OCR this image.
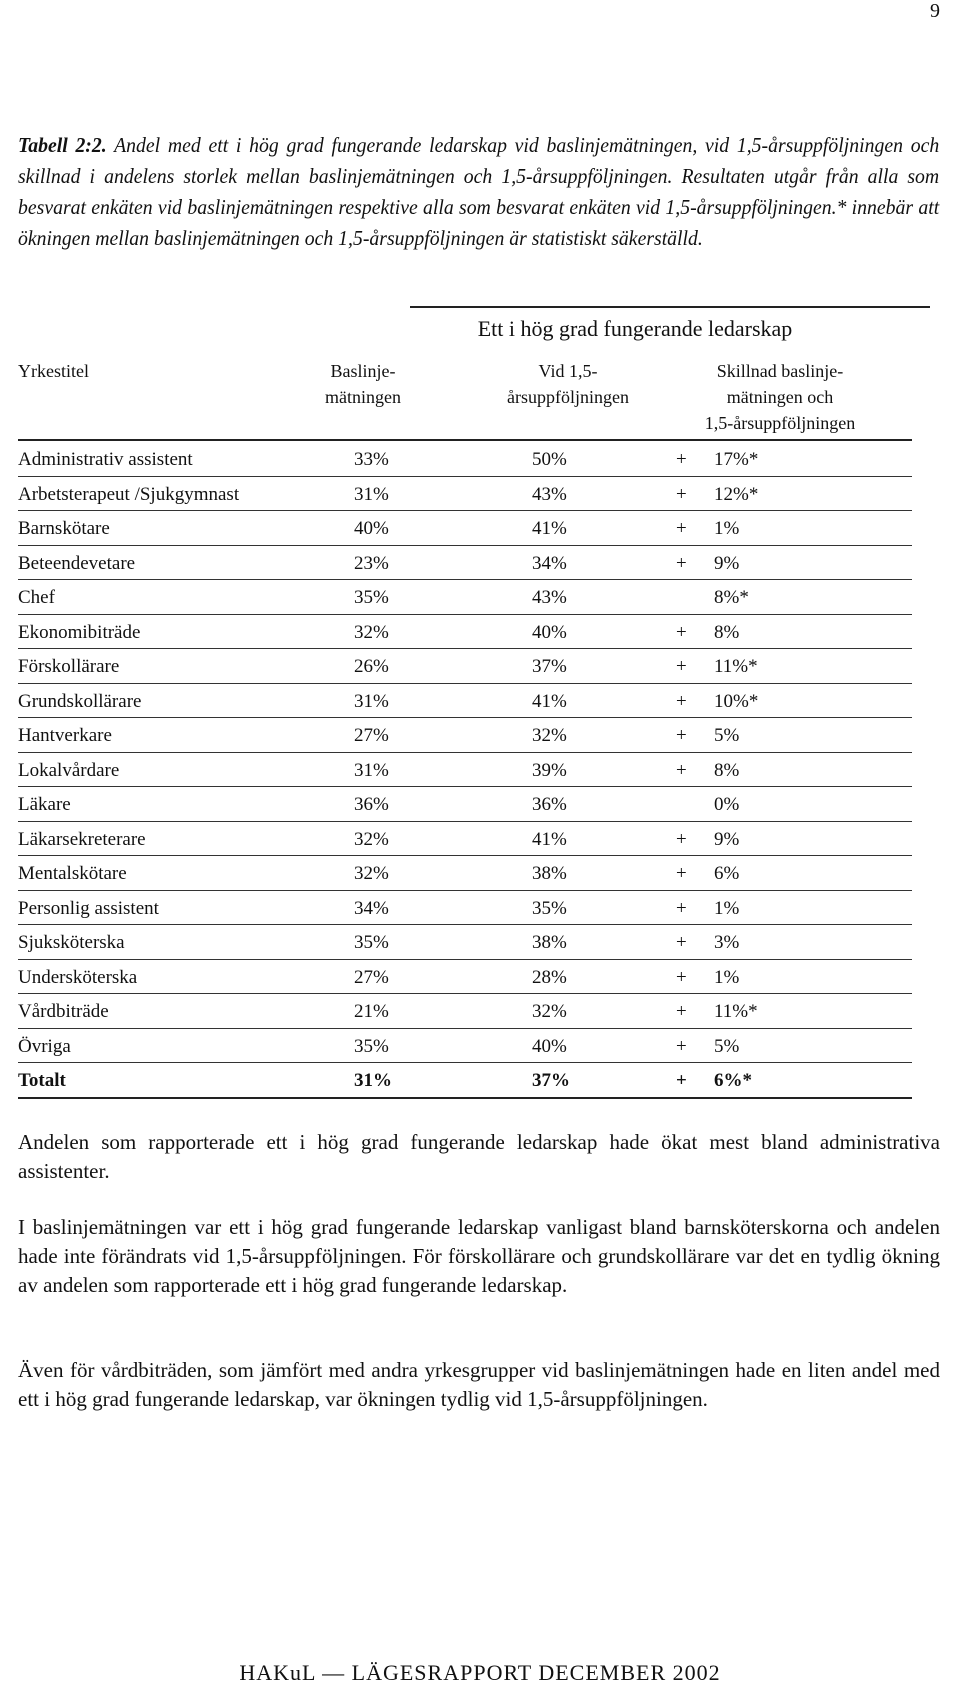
9
Tabell 2:2. Andel med ett i hög grad fungerande ledarskap vid baslinjemätningen, vid 1,5-årsuppföljningen och skillnad i andelens storlek mellan baslinjemätningen och 1,5-årsuppföljningen. Resultaten utgår från alla som besvarat enkäten vid baslinjemätningen respektive alla som besvarat enkäten vid 1,5-årsuppföljningen.* innebär att ökningen mellan baslinjemätningen och 1,5-årsuppföljningen är statistiskt säkerställd.
Ett i hög grad fungerande ledarskap
Yrkestitel	Baslinje-
mätningen
Vid 1,5-
årsuppföljningen
Skillnad baslinje-
mätningen och
1,5-årsuppföljningen
Administrativ assistent	33%	50%	+ 17%*
Arbetsterapeut /Sjukgymnast	31%	43%	+ 12%*
Barnskötare	40%	41%	+ 1%
Beteendevetare	23%	34%	+ 9%
Chef	35%	43%	8%*
Ekonomibiträde	32%	40%	+ 8%
Förskollärare	26%	37%	+ 11%*
Grundskollärare	31%	41%	+ 10%*
Hantverkare	27%	32%	+ 5%
Lokalvårdare	31%	39%	+ 8%
Läkare	36%	36%	0%
Läkarsekreterare	32%	41%	+ 9%
Mentalskötare	32%	38%	+ 6%
Personlig assistent	34%	35%	+ 1%
Sjuksköterska	35%	38%	+ 3%
Undersköterska	27%	28%	+ 1%
Vårdbiträde	21%	32%	+ 11%*
Övriga	35%	40%	+ 5%
Totalt	31%	37%	+ 6%*
Andelen som rapporterade ett i hög grad fungerande ledarskap hade ökat mest bland administrativa assistenter.
I baslinjemätningen var ett i hög grad fungerande ledarskap vanligast bland barnsköterskorna och andelen hade inte förändrats vid 1,5-årsuppföljningen. För förskollärare och grundskollärare var det en tydlig ökning av andelen som rapporterade ett i hög grad fungerande ledarskap.
Även för vårdbiträden, som jämfört med andra yrkesgrupper vid baslinjemätningen hade en liten andel med ett i hög grad fungerande ledarskap, var ökningen tydlig vid 1,5-årsuppföljningen.
HAKuL — LÄGESRAPPORT DECEMBER 2002
